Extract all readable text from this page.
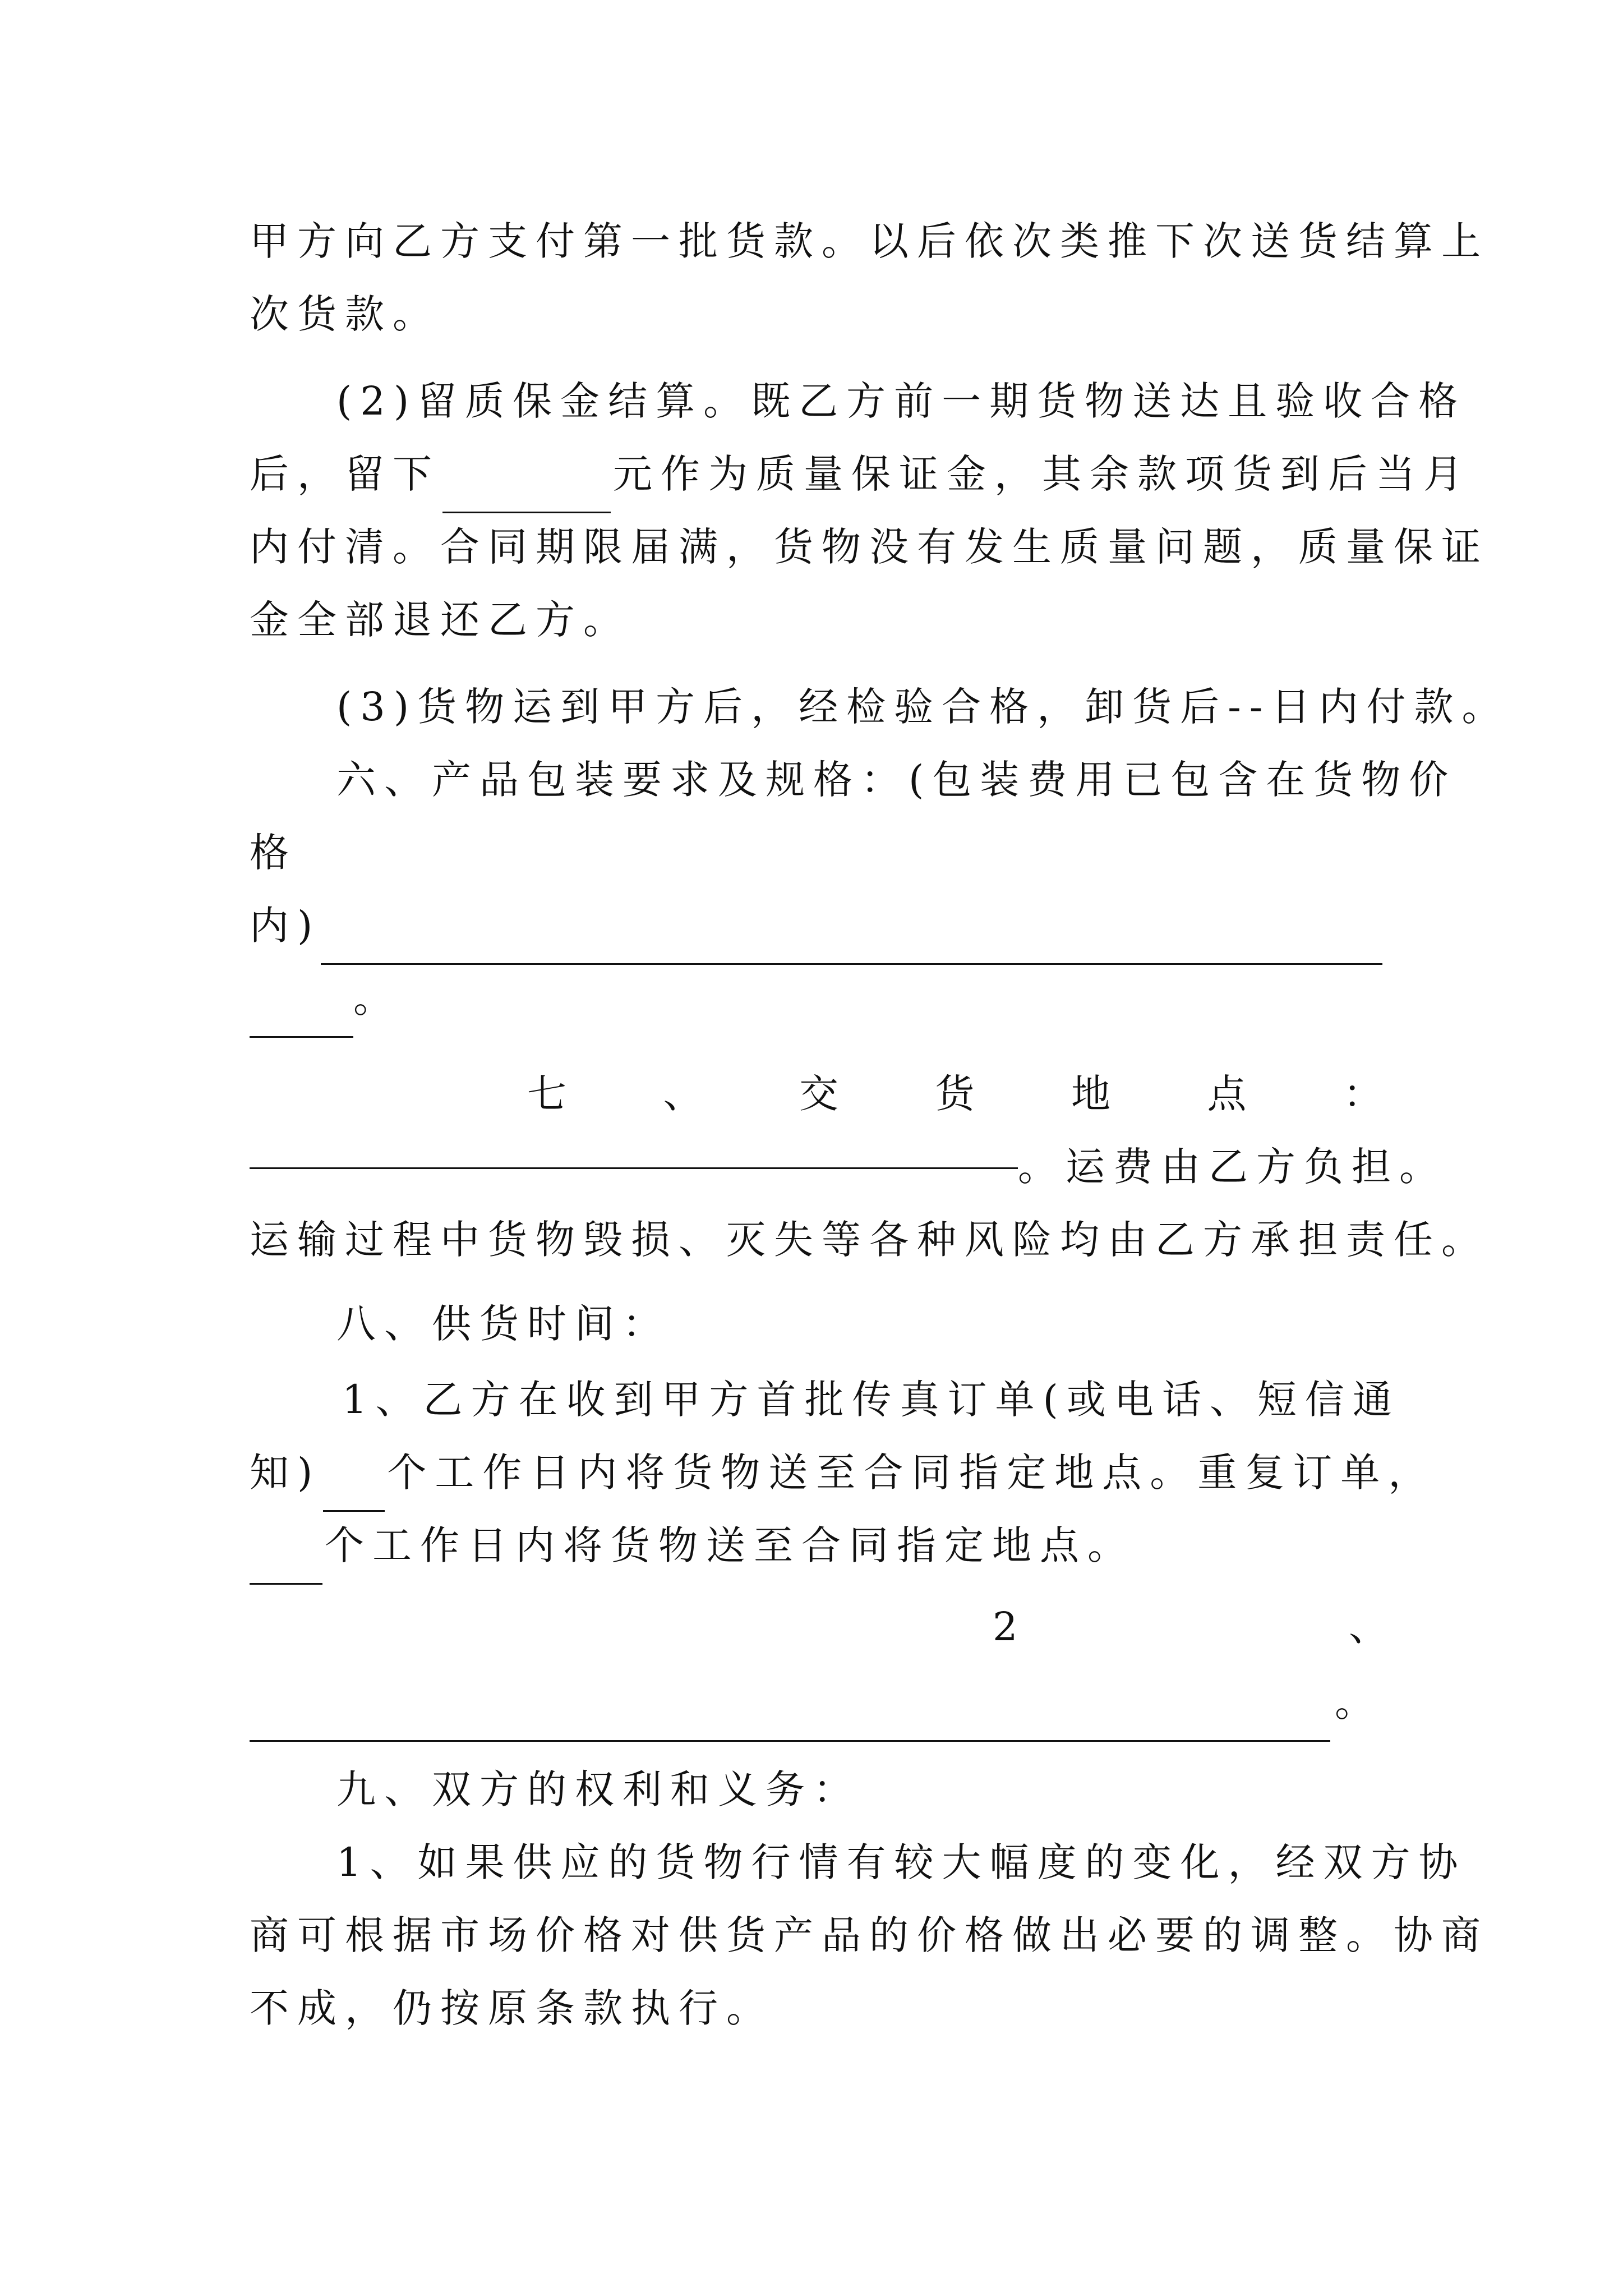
甲方向乙方支付第一批货款。以后依次类推下次送货结算上
次货款。
(2)留质保金结算。既乙方前一期货物送达且验收合格
后，留下	元作为质量保证金，其余款项货到后当月
内付清。合同期限届满，货物没有发生质量问题，质量保证
金全部退还乙方。
(3)货物运到甲方后，经检验合格，卸货后--日内付款。
六、产品包装要求及规格：(包装费用已包含在货物价
格
内)
。
七 、 交 货 地 点 ：
。运费由乙方负担。
运输过程中货物毁损、灭失等各种风险均由乙方承担责任。
八、供货时间：
1、乙方在收到甲方首批传真订单(或电话、短信通
知) 个工作日内将货物送至合同指定地点。重复订单，
个工作日内将货物送至合同指定地点。
2	、
。
九、双方的权利和义务：
1、如果供应的货物行情有较大幅度的变化，经双方协
商可根据市场价格对供货产品的价格做出必要的调整。协商
不成，仍按原条款执行。
